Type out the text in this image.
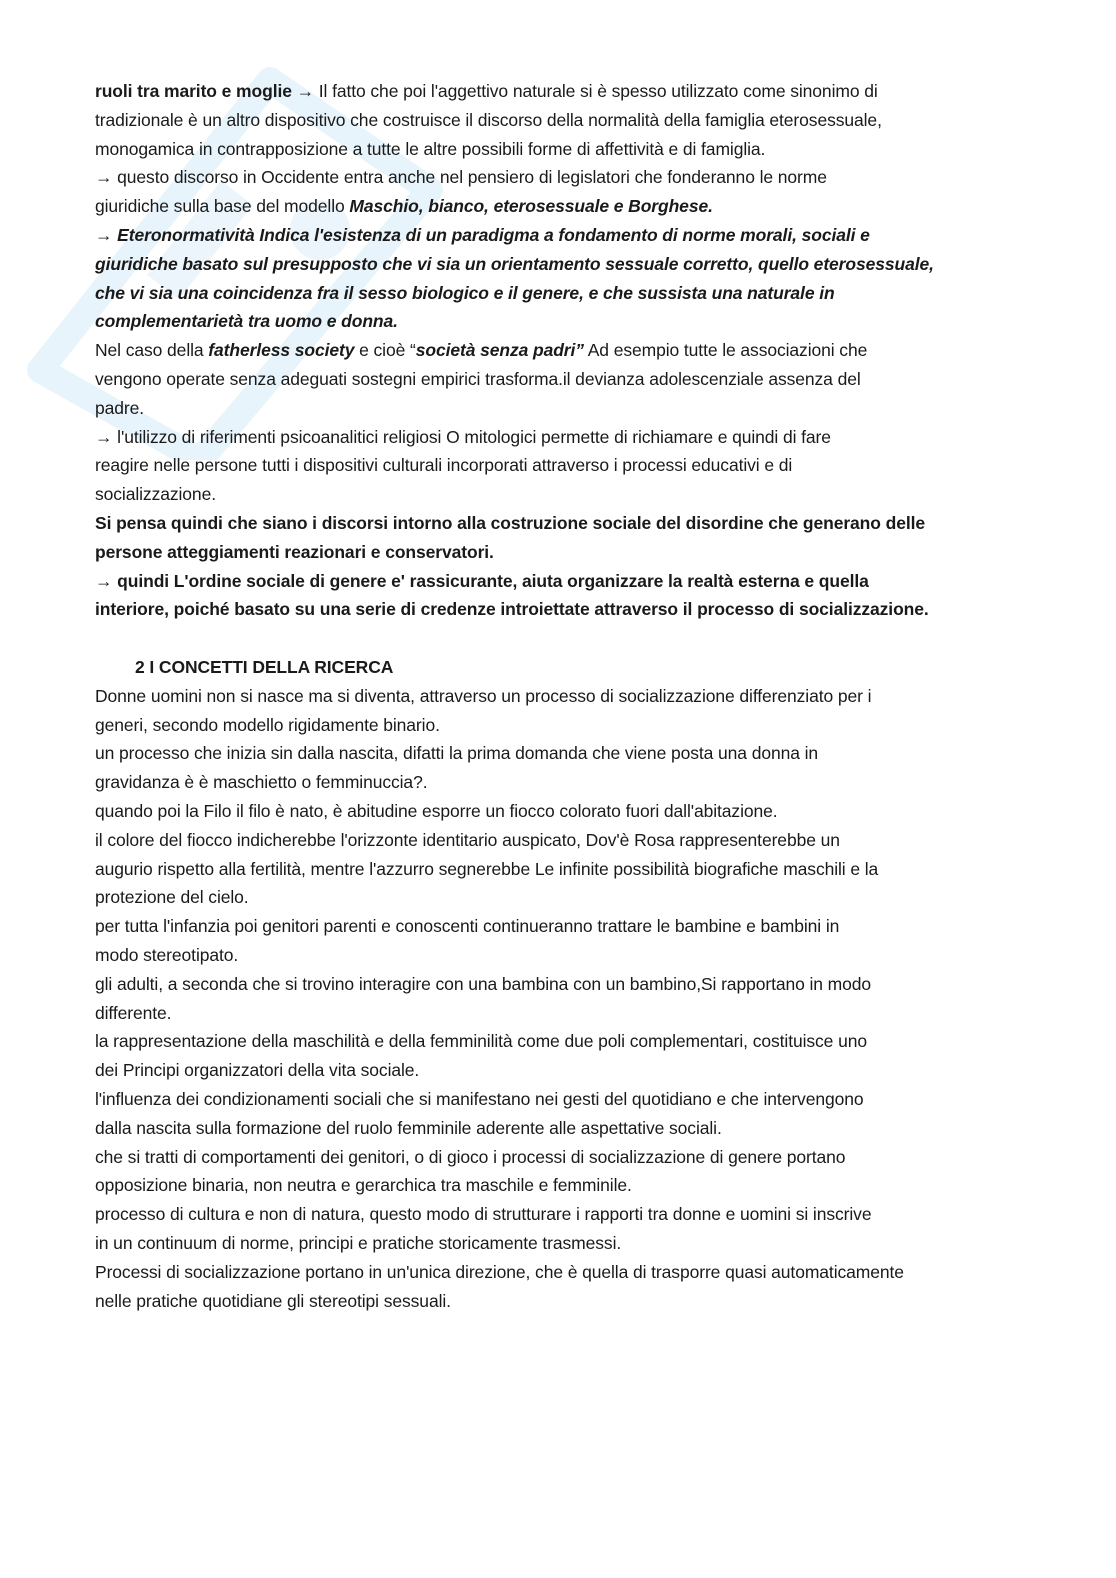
ruoli tra marito e moglie → Il fatto che poi l'aggettivo naturale si è spesso utilizzato come sinonimo di
tradizionale è un altro dispositivo che costruisce il discorso della normalità della famiglia eterosessuale,
monogamica in contrapposizione a tutte le altre possibili forme di affettività e di famiglia.
→ questo discorso in Occidente entra anche nel pensiero di legislatori che fonderanno le norme
giuridiche sulla base del modello Maschio, bianco, eterosessuale e Borghese.
→ Eteronormatività Indica l'esistenza di un paradigma a fondamento di norme morali, sociali e
giuridiche basato sul presupposto che vi sia un orientamento sessuale corretto, quello eterosessuale,
che vi sia una coincidenza fra il sesso biologico e il genere, e che sussista una naturale in
complementarietà tra uomo e donna.
Nel caso della fatherless society e cioè “società senza padri” Ad esempio tutte le associazioni che
vengono operate senza adeguati sostegni empirici trasforma.il devianza adolescenziale assenza del
padre.
→ l'utilizzo di riferimenti psicoanalitici religiosi O mitologici permette di richiamare e quindi di fare
reagire nelle persone tutti i dispositivi culturali incorporati attraverso i processi educativi e di
socializzazione.
Si pensa quindi che siano i discorsi intorno alla costruzione sociale del disordine che generano delle
persone atteggiamenti reazionari e conservatori.
→ quindi L'ordine sociale di genere e' rassicurante, aiuta organizzare la realtà esterna e quella
interiore, poiché basato su una serie di credenze introiettate attraverso il processo di socializzazione.
2 I CONCETTI DELLA RICERCA
Donne uomini non si nasce ma si diventa, attraverso un processo di socializzazione differenziato per i
generi, secondo modello rigidamente binario.
un processo che inizia sin dalla nascita, difatti la prima domanda che viene posta una donna in
gravidanza è è maschietto o femminuccia?.
quando poi la Filo il filo è nato, è abitudine esporre un fiocco colorato fuori dall'abitazione.
il colore del fiocco indicherebbe l'orizzonte identitario auspicato, Dov'è Rosa rappresenterebbe un
augurio rispetto alla fertilità, mentre l'azzurro segnerebbe Le infinite possibilità biografiche maschili e la
protezione del cielo.
per tutta l'infanzia poi genitori parenti e conoscenti continueranno trattare le bambine e bambini in
modo stereotipato.
gli adulti, a seconda che si trovino interagire con una bambina con un bambino,Si rapportano in modo
differente.
la rappresentazione della maschilità e della femminilità come due poli complementari, costituisce uno
dei Principi organizzatori della vita sociale.
l'influenza dei condizionamenti sociali che si manifestano nei gesti del quotidiano e che intervengono
dalla nascita sulla formazione del ruolo femminile aderente alle aspettative sociali.
che si tratti di comportamenti dei genitori, o di gioco i processi di socializzazione di genere portano
opposizione binaria, non neutra e gerarchica tra maschile e femminile.
processo di cultura e non di natura, questo modo di strutturare i rapporti tra donne e uomini si inscrive
in un continuum di norme, principi e pratiche storicamente trasmessi.
Processi di socializzazione portano in un'unica direzione, che è quella di trasporre quasi automaticamente
nelle pratiche quotidiane gli stereotipi sessuali.
